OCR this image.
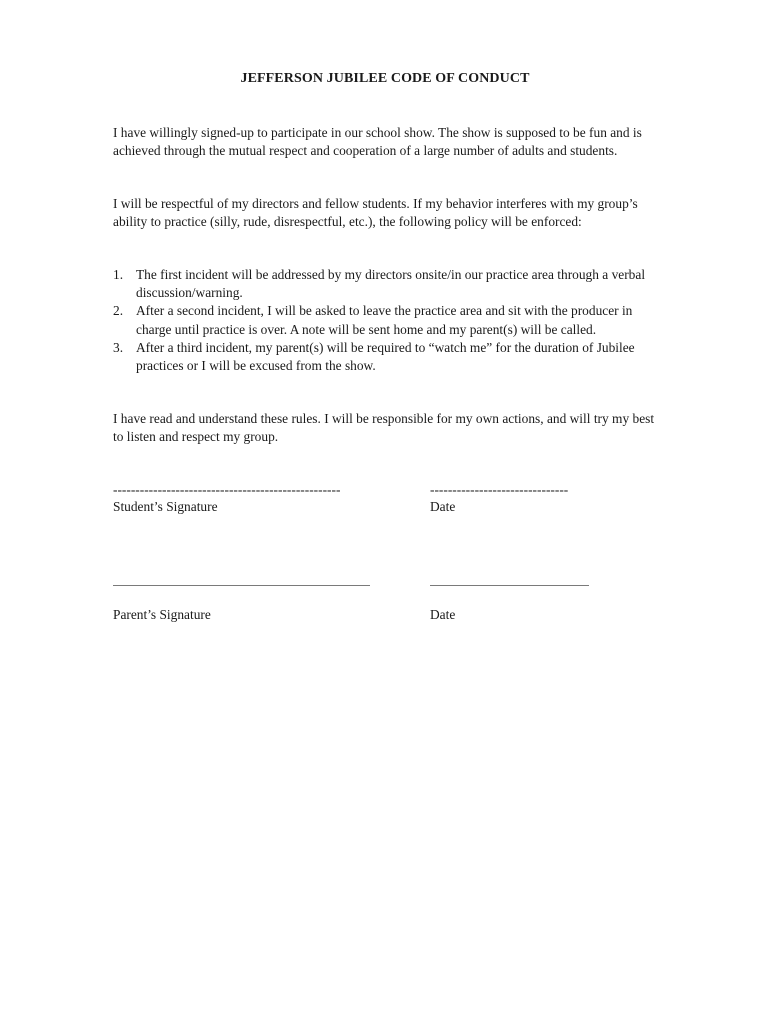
JEFFERSON JUBILEE CODE OF CONDUCT
I have willingly signed-up to participate in our school show. The show is supposed to be fun and is achieved through the mutual respect and cooperation of a large number of adults and students.
I will be respectful of my directors and fellow students. If my behavior interferes with my group’s ability to practice (silly, rude, disrespectful, etc.), the following policy will be enforced:
1. The first incident will be addressed by my directors onsite/in our practice area through a verbal discussion/warning.
2. After a second incident, I will be asked to leave the practice area and sit with the producer in charge until practice is over. A note will be sent home and my parent(s) will be called.
3. After a third incident, my parent(s) will be required to “watch me” for the duration of Jubilee practices or I will be excused from the show.
I have read and understand these rules. I will be responsible for my own actions, and will try my best to listen and respect my group.
---------------------------------------------------	-------------------------------
Student’s Signature	Date
Parent’s Signature	Date
